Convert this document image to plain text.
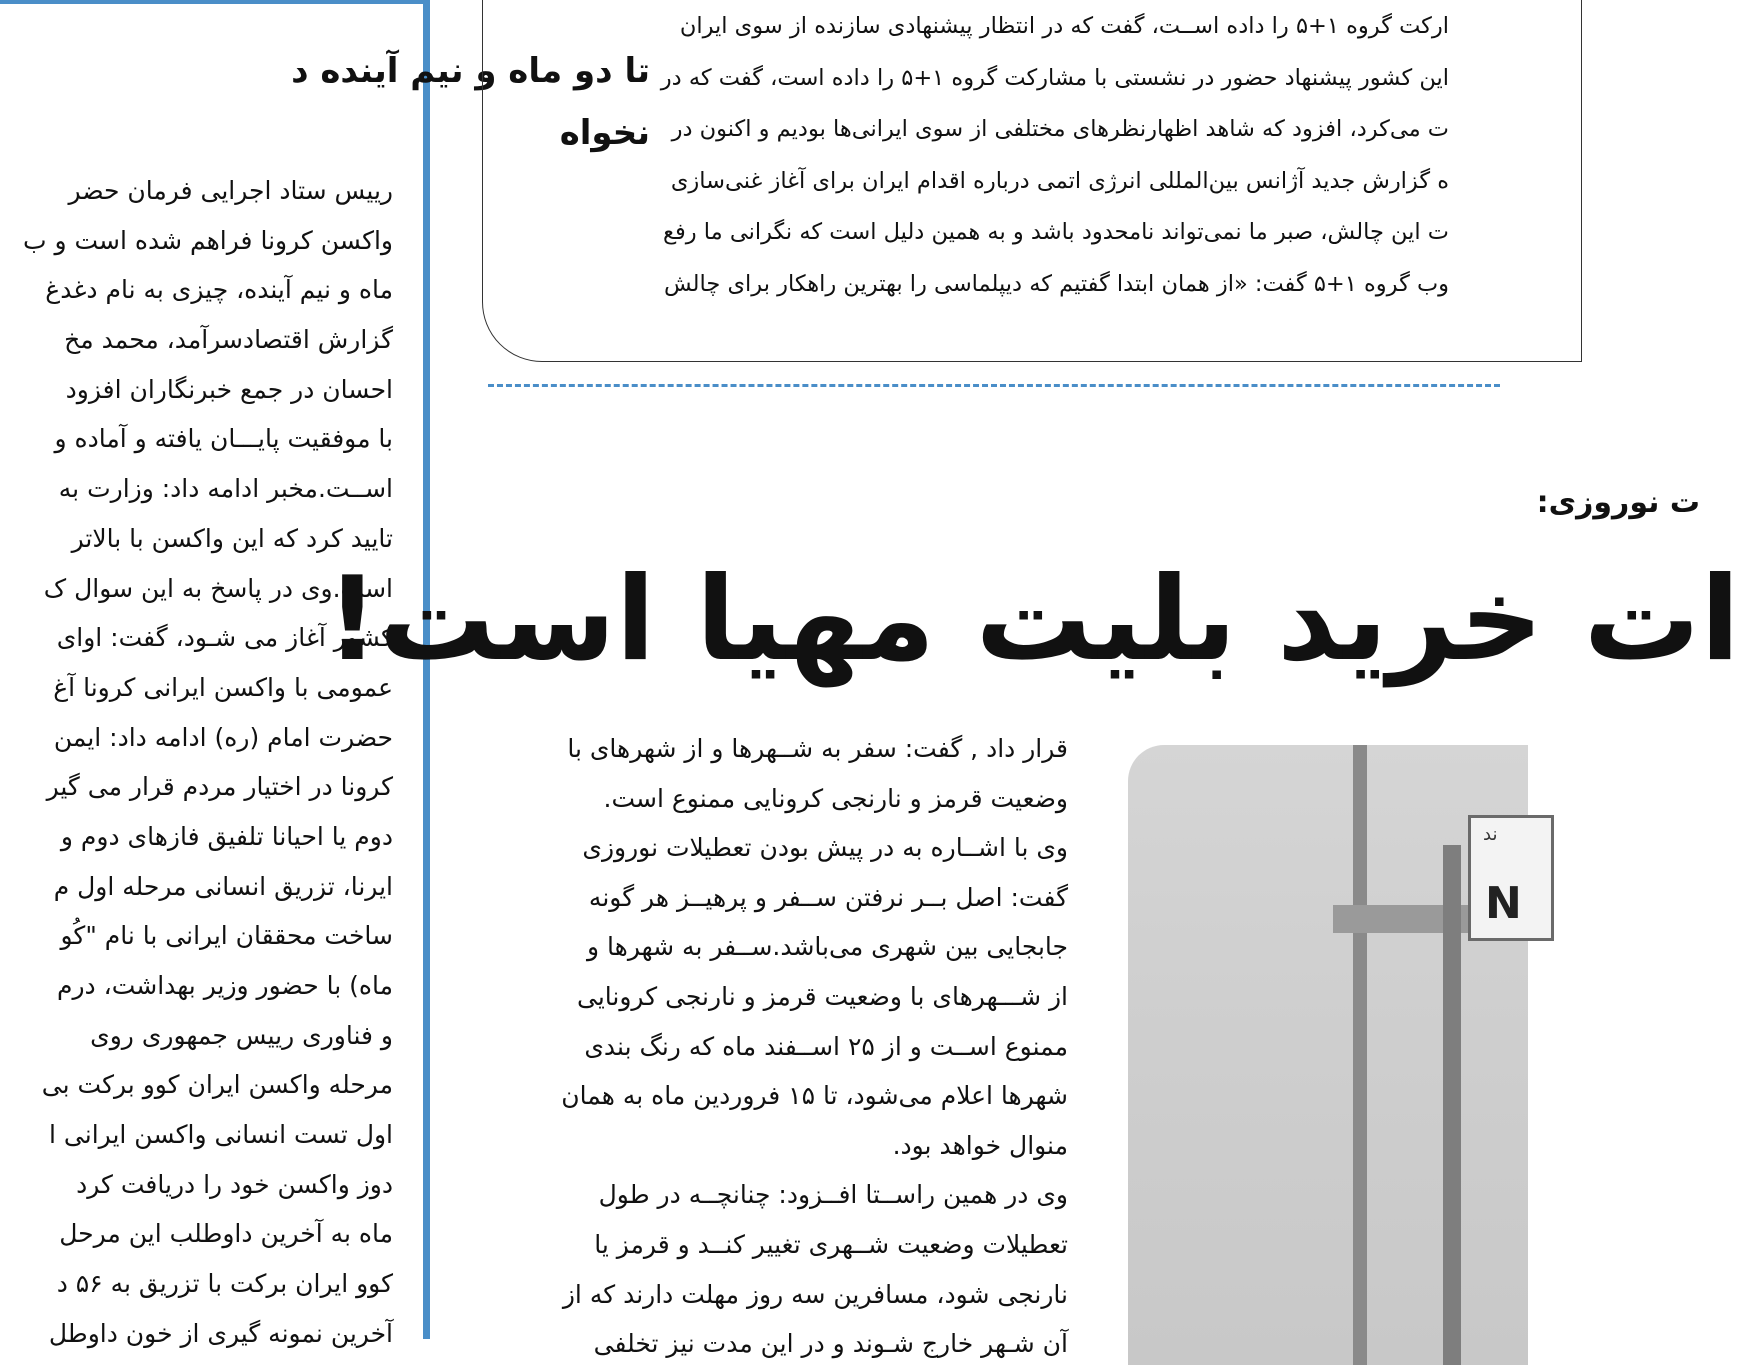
تا دو ماه و نیم آینده د
نخواه
رییس ستاد اجرایی فرمان حضر
واکسن کرونا فراهم شده است و ب
ماه و نیم آینده، چیزی به نام دغدغ
گزارش اقتصادسرآمد، محمد مخ
احسان در جمع خبرنگاران افزود
با موفقیت پایـــان یافته و آماده و
اســت.مخبر ادامه داد: وزارت به
تایید کرد که این واکسن با بالاتر
است.وی در پاسخ به این سوال ک
کشور آغاز می شـود، گفت: اوای
عمومی با واکسن ایرانی کرونا آغ
حضرت امام (ره) ادامه داد: ایمن
کرونا در اختیار مردم قرار می گیر
دوم یا احیانا تلفیق فازهای دوم و
ایرنا، تزریق انسانی مرحله اول م
ساخت محققان ایرانی با نام "کُو
ماه) با حضور وزیر بهداشت، درم
و فناوری رییس جمهوری روی
مرحله واکسن ایران کوو برکت بی
اول تست انسانی واکسن ایرانی ا
دوز واکسن خود را دریافت کرد
ماه به آخرین داوطلب این مرحل
کوو ایران برکت با تزریق به ۵۶ د
آخرین نمونه گیری از خون داوطل
ارکت گروه ۱+۵ را داده اســت، گفت که در انتظار پیشنهادی سازنده از سوی ایران
این کشور پیشنهاد حضور در نشستی با مشارکت گروه ۱+۵ را داده است، گفت که در
ت می‌کرد، افزود که شاهد اظهارنظرهای مختلفی از سوی ایرانی‌ها بودیم و اکنون در
ه گزارش جدید آژانس بین‌المللی انرژی اتمی درباره اقدام ایران برای آغاز غنی‌سازی
ت این چالش، صبر ما نمی‌تواند نامحدود باشد و به همین دلیل است که نگرانی ما رفع
وب گروه ۱+۵ گفت: «از همان ابتدا گفتیم که دیپلماسی را بهترین راهکار برای چالش
ت نوروزی:
ات خرید بلیت مهیا است!
قرار داد , گفت: سفر به شــهرها و از شهرهای با
وضعیت قرمز و نارنجی کرونایی ممنوع است.
وی با اشــاره به در پیش بودن تعطیلات نوروزی
گفت: اصل بــر نرفتن ســفر و پرهیــز هر گونه
جابجایی بین شهری می‌باشد.ســفر به شهرها و
از شـــهرهای با وضعیت قرمز و نارنجی کرونایی
ممنوع اســت و از ۲۵ اســفند ماه که رنگ بندی
شهرها اعلام می‌شود، تا ۱۵ فروردین ماه به همان
منوال خواهد بود.
وی در همین راســتا افــزود: چنانچــه در طول
تعطیلات وضعیت شــهری تغییر کنــد و قرمز یا
نارنجی شود، مسافرین سه روز مهلت دارند که از
آن شـهر خارج شـوند و در این مدت نیز تخلفی
ند
N
